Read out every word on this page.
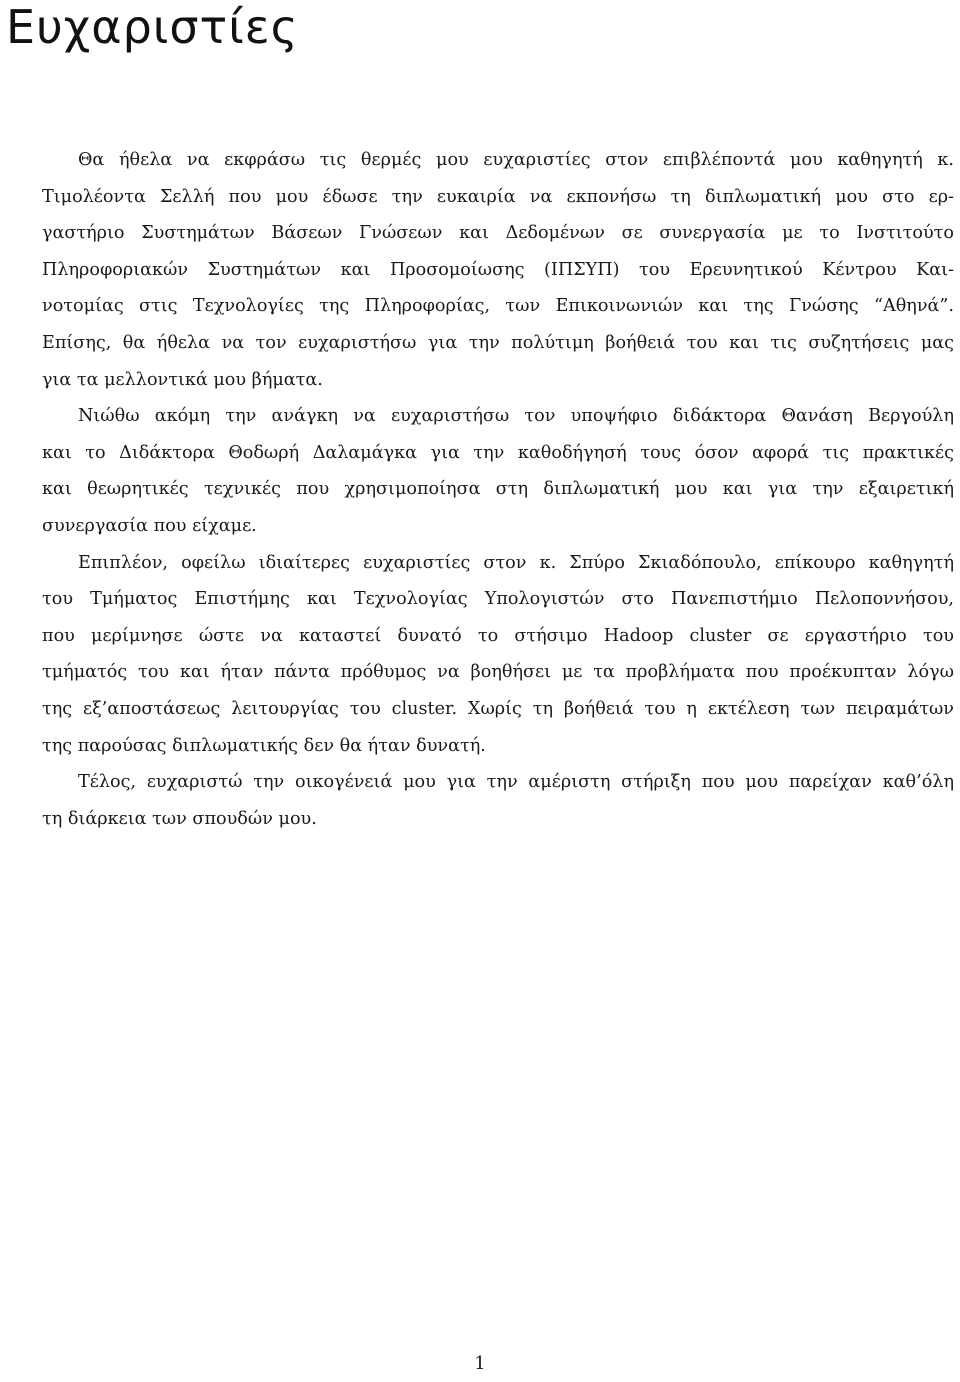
Ευχαριστίες
Θα ήθελα να εκφράσω τις θερμές μου ευχαριστίες στον επιβλέποντά μου καθηγητή κ.
Τιμολέοντα Σελλή που μου έδωσε την ευκαιρία να εκπονήσω τη διπλωματική μου στο ερ-
γαστήριο Συστημάτων Βάσεων Γνώσεων και Δεδομένων σε συνεργασία με το Ινστιτούτο
Πληροφοριακών Συστημάτων και Προσομοίωσης (ΙΠΣΥΠ) του Ερευνητικού Κέντρου Και-
νοτομίας στις Τεχνολογίες της Πληροφορίας, των Επικοινωνιών και της Γνώσης “Αθηνά”.
Επίσης, θα ήθελα να τον ευχαριστήσω για την πολύτιμη βοήθειά του και τις συζητήσεις μας
για τα μελλοντικά μου βήματα.
Νιώθω ακόμη την ανάγκη να ευχαριστήσω τον υποψήφιο διδάκτορα Θανάση Βεργούλη
και το Διδάκτορα Θοδωρή Δαλαμάγκα για την καθοδήγησή τους όσον αφορά τις πρακτικές
και θεωρητικές τεχνικές που χρησιμοποίησα στη διπλωματική μου και για την εξαιρετική
συνεργασία που είχαμε.
Επιπλέον, οφείλω ιδιαίτερες ευχαριστίες στον κ. Σπύρο Σκιαδόπουλο, επίκουρο καθηγητή
του Τμήματος Επιστήμης και Τεχνολογίας Υπολογιστών στο Πανεπιστήμιο Πελοποννήσου,
που μερίμνησε ώστε να καταστεί δυνατό το στήσιμο Hadoop cluster σε εργαστήριο του
τμήματός του και ήταν πάντα πρόθυμος να βοηθήσει με τα προβλήματα που προέκυπταν λόγω
της εξ’αποστάσεως λειτουργίας του cluster. Χωρίς τη βοήθειά του η εκτέλεση των πειραμάτων
της παρούσας διπλωματικής δεν θα ήταν δυνατή.
Τέλος, ευχαριστώ την οικογένειά μου για την αμέριστη στήριξη που μου παρείχαν καθ’όλη
τη διάρκεια των σπουδών μου.
1
